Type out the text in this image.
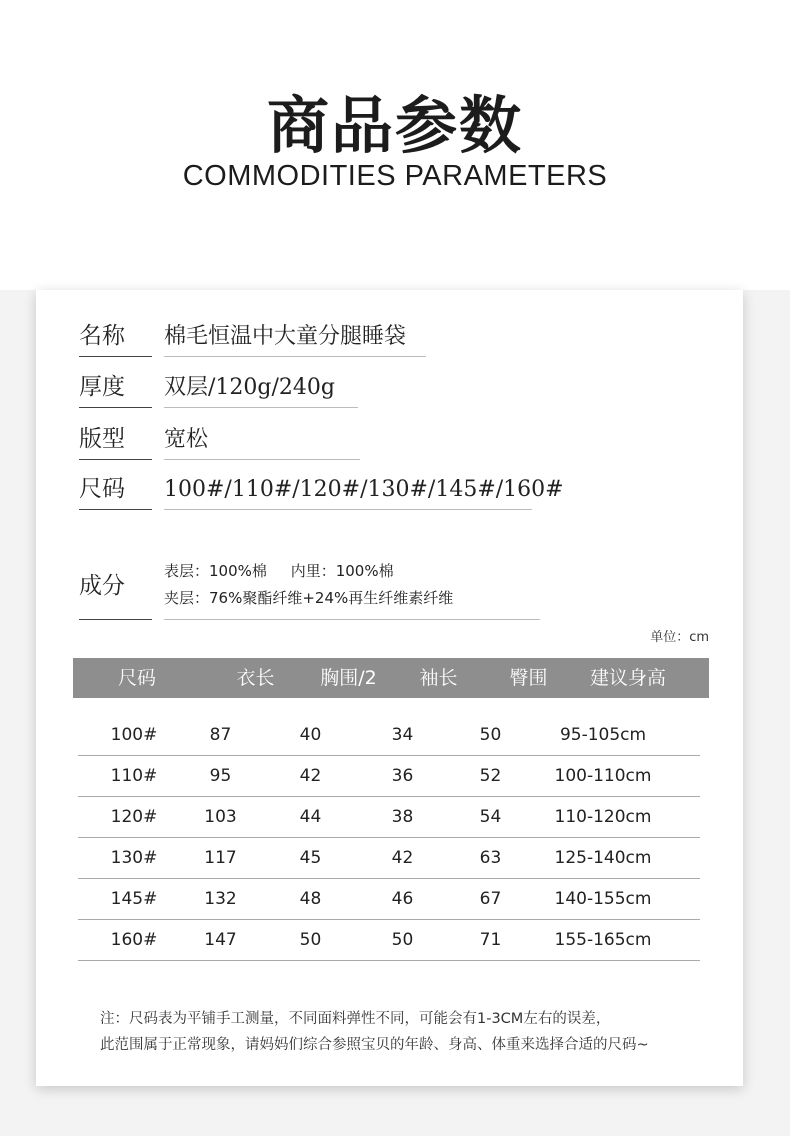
商品参数
COMMODITIES PARAMETERS
名称	棉毛恒温中大童分腿睡袋
厚度	双层/120g/240g
版型	宽松
尺码	100#/110#/120#/130#/145#/160#
成分
表层：100%棉     内里：100%棉
夹层：76%聚酯纤维+24%再生纤维素纤维
单位：cm
尺码	衣长	胸围/2	袖长	臀围	建议身高
100#	87	40	34	50	95-105cm
110#	95	42	36	52	100-110cm
120#	103	44	38	54	110-120cm
130#	117	45	42	63	125-140cm
145#	132	48	46	67	140-155cm
160#	147	50	50	71	155-165cm
注：尺码表为平铺手工测量，不同面料弹性不同，可能会有1-3CM左右的误差，
此范围属于正常现象，请妈妈们综合参照宝贝的年龄、身高、体重来选择合适的尺码~
